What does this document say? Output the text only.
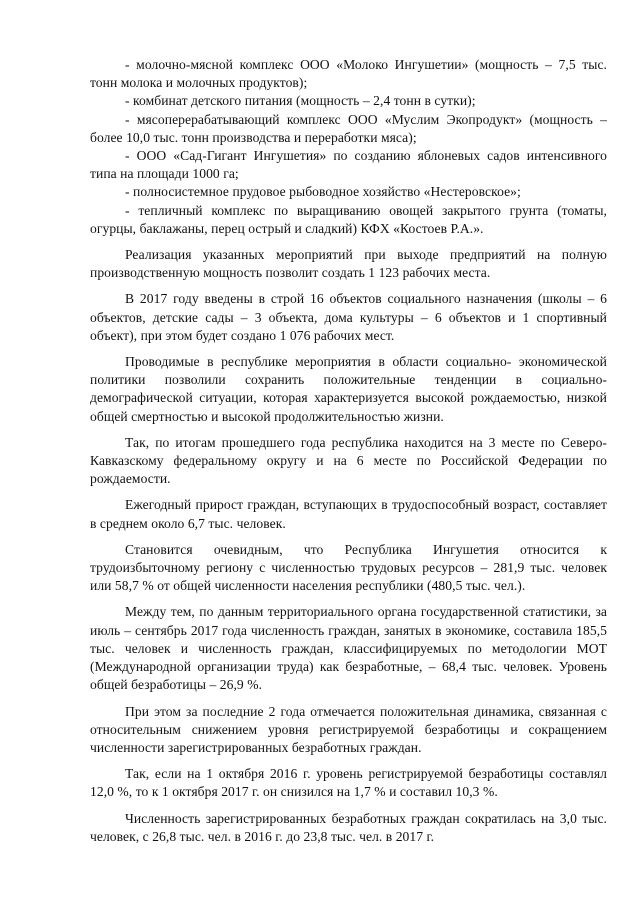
- молочно-мясной комплекс ООО «Молоко Ингушетии» (мощность – 7,5 тыс. тонн молока и молочных продуктов);

- комбинат детского питания (мощность – 2,4 тонн в сутки);

- мясоперерабатывающий комплекс ООО «Муслим Экопродукт» (мощность – более 10,0 тыс. тонн производства и переработки мяса);

- ООО «Сад-Гигант Ингушетия» по созданию яблоневых садов интенсивного типа на площади 1000 га;

- полносистемное прудовое рыбоводное хозяйство «Нестеровское»;

- тепличный комплекс по выращиванию овощей закрытого грунта (томаты, огурцы, баклажаны, перец острый и сладкий) КФХ «Костоев Р.А.».

Реализация указанных мероприятий при выходе предприятий на полную производственную мощность позволит создать 1 123 рабочих места.

В 2017 году введены в строй 16 объектов социального назначения (школы – 6 объектов, детские сады – 3 объекта, дома культуры – 6 объектов и 1 спортивный объект), при этом будет создано 1 076 рабочих мест.

Проводимые в республике мероприятия в области социально- экономической политики позволили сохранить положительные тенденции в социально-демографической ситуации, которая характеризуется высокой рождаемостью, низкой общей смертностью и высокой продолжительностью жизни.

Так, по итогам прошедшего года республика находится на 3 месте по Северо-Кавказскому федеральному округу и на 6 месте по Российской Федерации по рождаемости.

Ежегодный прирост граждан, вступающих в трудоспособный возраст, составляет в среднем около 6,7 тыс. человек.

Становится очевидным, что Республика Ингушетия относится к трудоизбыточному региону с численностью трудовых ресурсов – 281,9 тыс. человек или 58,7 % от общей численности населения республики (480,5 тыс. чел.).

Между тем, по данным территориального органа государственной статистики, за июль – сентябрь 2017 года численность граждан, занятых в экономике, составила 185,5 тыс. человек и численность граждан, классифицируемых по методологии МОТ (Международной организации труда) как безработные, – 68,4 тыс. человек. Уровень общей безработицы – 26,9 %.

При этом за последние 2 года отмечается положительная динамика, связанная с относительным снижением уровня регистрируемой безработицы и сокращением численности зарегистрированных безработных граждан.

Так, если на 1 октября 2016 г. уровень регистрируемой безработицы составлял 12,0 %, то к 1 октября 2017 г. он снизился на 1,7 % и составил 10,3 %.

Численность зарегистрированных безработных граждан сократилась на 3,0 тыс. человек, с 26,8 тыс. чел. в 2016 г. до 23,8 тыс. чел. в 2017 г.
